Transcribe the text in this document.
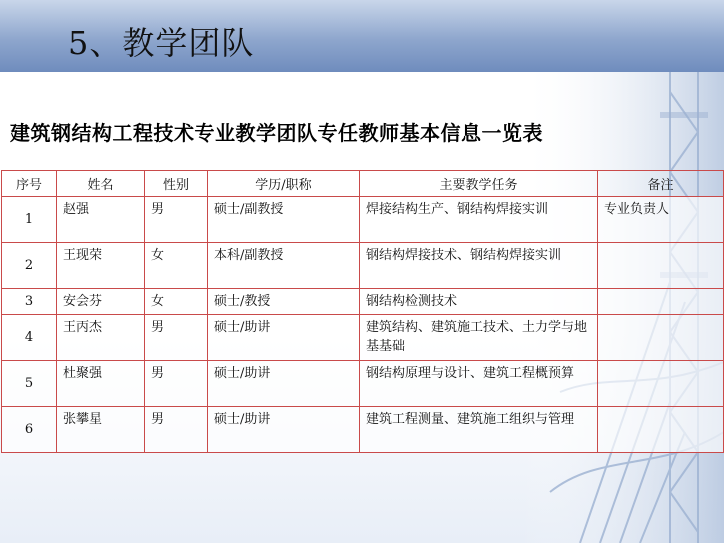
5、教学团队
建筑钢结构工程技术专业教学团队专任教师基本信息一览表
序号	姓名	性别	学历/职称	主要教学任务	备注
1	赵强	男	硕士/副教授	焊接结构生产、钢结构焊接实训	专业负责人
2	王现荣	女	本科/副教授	钢结构焊接技术、钢结构焊接实训	
3	安会芬	女	硕士/教授	钢结构检测技术	
4	王丙杰	男	硕士/助讲	建筑结构、建筑施工技术、土力学与地基基础	
5	杜聚强	男	硕士/助讲	钢结构原理与设计、建筑工程概预算	
6	张攀星	男	硕士/助讲	建筑工程测量、建筑施工组织与管理	
